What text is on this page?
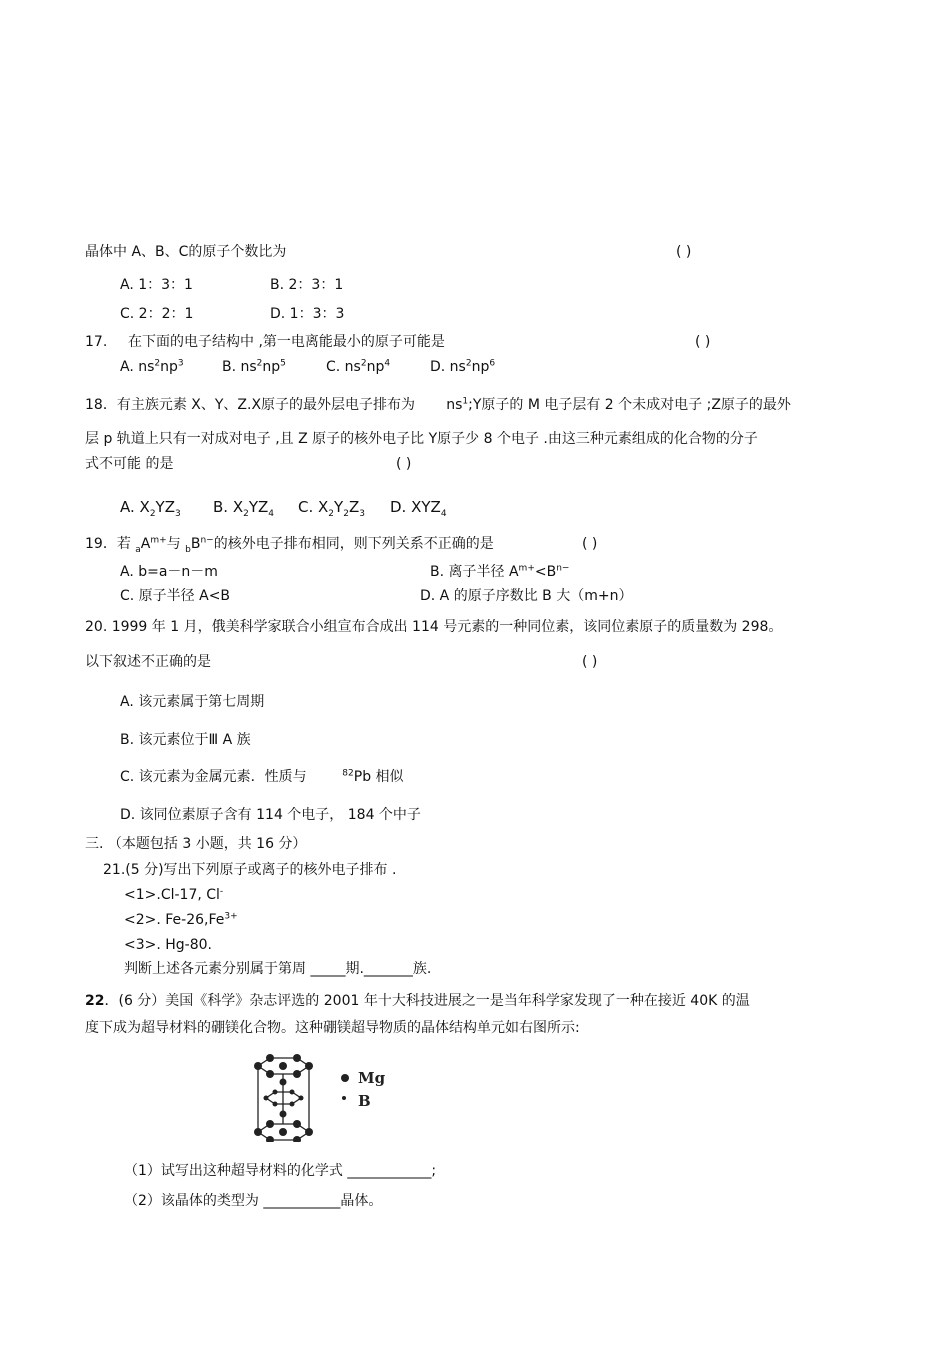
晶体中 A、B、C的原子个数比为	( )
A. 1：3：1	B. 2：3：1
C. 2：2：1	D. 1：3：3
17. 在下面的电子结构中 ,第一电离能最小的原子可能是	( )
A. $ns^2np^3$	B. $ns^2np^5$	C. $ns^2np^4$	D. $ns^2np^6$
18．有主族元素 X、Y、Z.X原子的最外层电子排布为 $ns^1;Y$原子的 M 电子层有 2 个未成对电子 ;Z原子的最外
层 p 轨道上只有一对成对电子 ,且 Z 原子的核外电子比 Y原子少 8 个电子 .由这三种元素组成的化合物的分子
式不可能 的是	( )
A. $X_2YZ_3$ B. $X_2YZ_4$ C. $X_2Y_2Z_3$ D. $XYZ_4$
19．若 $_aA^{m+}$与 $_bB^{n-}$的核外电子排布相同，则下列关系不正确的是	( )
A. b=a－n－m	B. 离子半径 $A^{m+}<B^{n-}$
C. 原子半径 A<B	D. A 的原子序数比 B 大（m+n）
20. 1999 年 1 月，俄美科学家联合小组宣布合成出 114 号元素的一种同位素，该同位素原子的质量数为 298。
以下叙述不正确的是	( )
A. 该元素属于第七周期
B. 该元素位于Ⅲ A 族
C. 该元素为金属元素．性质与	$^{82}$Pb 相似
D. 该同位素原子含有 114 个电子， 184 个中子
三. （本题包括 3 小题，共 16 分）
21.(5 分)写出下列原子或离子的核外电子排布 .
<1>.Cl-17, Cl-
<2>. $Fe-26,Fe^{3+}$
<3>. Hg-80.
判断上述各元素分别属于第周 _____期._______族.
22．(6 分）美国《科学》杂志评选的 2001 年十大科技进展之一是当年科学家发现了一种在接近 40K 的温
度下成为超导材料的硼镁化合物。这种硼镁超导物质的晶体结构单元如右图所示:
Mg
B
（1）试写出这种超导材料的化学式 ____________;
（2）该晶体的类型为 ___________晶体。
